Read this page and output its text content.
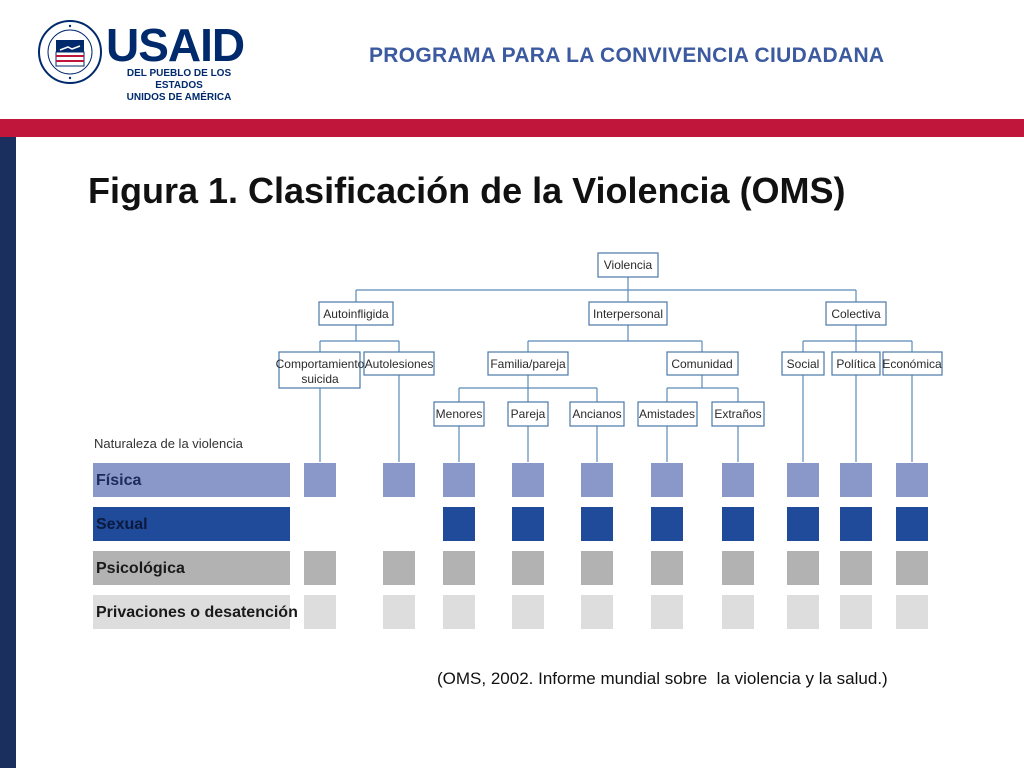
USAID
DEL PUEBLO DE LOS ESTADOS
UNIDOS DE AMÉRICA
PROGRAMA PARA LA CONVIVENCIA CIUDADANA
Figura 1. Clasificación de la Violencia (OMS)
Violencia
Autoinfligida	Interpersonal	Colectiva
Comportamiento
suicida
Autolesiones	Familia/pareja	Comunidad	Social Política Económica
Menores Pareja Ancianos Amistades Extraños
Naturaleza de la violencia
Física
Sexual
Psicológica
Privaciones o desatención
(OMS, 2002. Informe mundial sobre  la violencia y la salud.)
